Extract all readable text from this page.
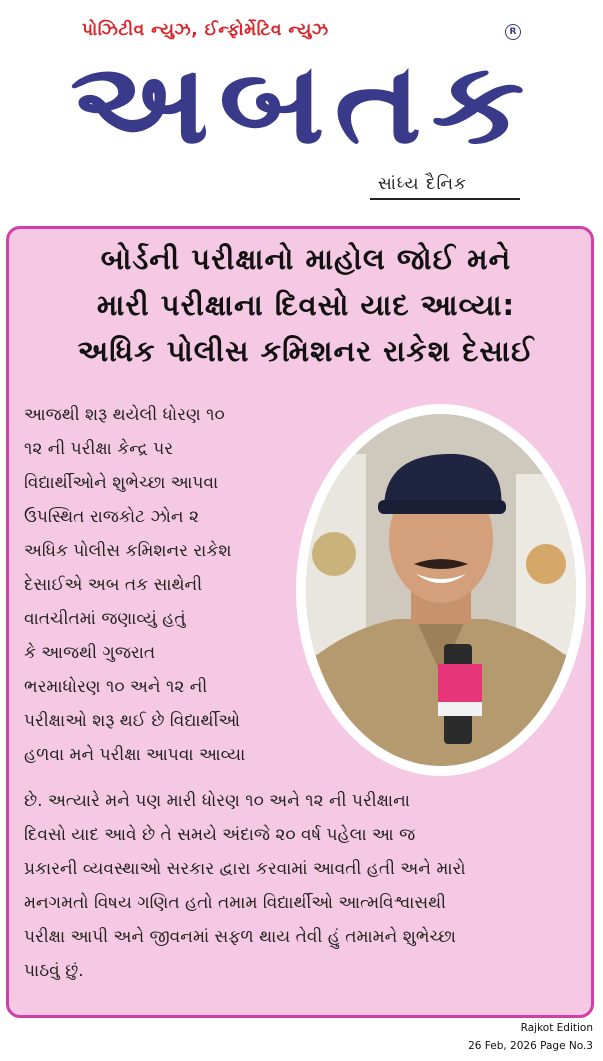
પોઝિટીવ ન્યુઝ, ઈન્ફોર્મેટિવ ન્યુઝ	R
અબતક
સાંધ્ય દૈનિક
બોર્ડની પરીક્ષાનો માહોલ જોઈ મને
મારી પરીક્ષાના દિવસો યાદ આવ્યા:
અધિક પોલીસ કમિશનર રાકેશ દેસાઈ

આજથી શરૂ થયેલી ધોરણ ૧૦

૧૨ ની પરીક્ષા કેન્દ્ર પર

વિદ્યાર્થીઓને શુભેચ્છા આપવા

ઉપસ્થિત રાજકોટ ઝોન ૨

અધિક પોલીસ કમિશનર રાકેશ

દેસાઈએ અબ તક સાથેની

વાતચીતમાં જણાવ્યું હતું

કે આજથી ગુજરાત

ભરમાધોરણ ૧૦ અને ૧૨ ની

પરીક્ષાઓ શરૂ થઈ છે વિદ્યાર્થીઓ

હળવા મને પરીક્ષા આપવા આવ્યા

છે. અત્યારે મને પણ મારી ધોરણ ૧૦ અને ૧૨ ની પરીક્ષાના

દિવસો યાદ આવે છે તે સમયે અંદાજે ૨૦ વર્ષ પહેલા આ જ

પ્રકારની વ્યવસ્થાઓ સરકાર દ્વારા કરવામાં આવતી હતી અને મારો

મનગમતો વિષય ગણિત હતો તમામ વિદ્યાર્થીઓ આત્મવિશ્વાસથી

પરીક્ષા આપી અને જીવનમાં સફળ થાય તેવી હું તમામને શુભેચ્છા

પાઠવું છું.

Rajkot Edition
26 Feb, 2026 Page No.3
